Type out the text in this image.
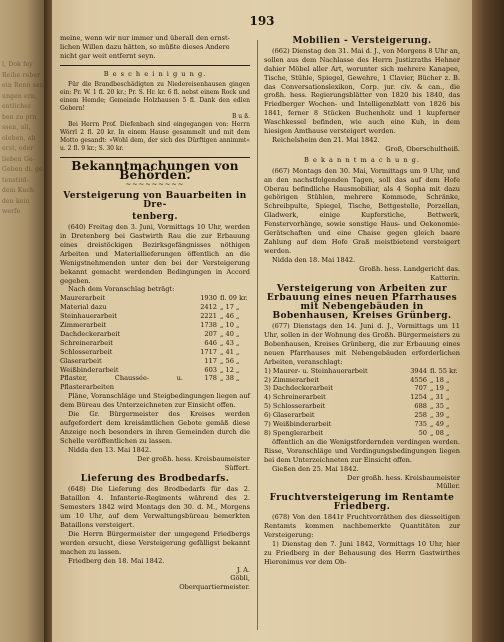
l, Dok fey
Reihe reber
ein Renn sen
ungen ern,
entlicher
ben zu prn
ssen, all,
oleben, ab
erst, oder
lieben Ge-
Geben di. ge
tenstiid-
dem Kuch
den kein
werfe
193

meine, wenn wir nur immer und überall den ernst-

lichen Willen dazu hätten, so müßte dieses Andere

nicht gar weit entfernt seyn.

B e s c h e i n i g u n g.

Für die Brandbeschädigten zu Niedereisenhausen gingen ein: Pr. W. 1 fl. 20 kr.; Pr. S. Hr. kr. 6 fl. nebst einem Rock und einem Hemde; Gemeinde Holzhausen 5 fl. Dank den edlen Gebern!

B u ß.

Bei Herrn Prof. Diefenbach sind eingegangen von: Herrn Wörrl 2 fl. 20 kr. In einem Hause gesammelt und mit dem Motto gesandt: »Wohl dem, der sich des Dürftigen annimmt« u. 2 fl. 9 kr.; S. 30 kr.

Bekanntmachungen von Behörden.

~~~~~~~~~

Versteigerung von Bauarbeiten in Dre-

tenberg.

(640) Freitag den 3. Juni, Vormittags 10 Uhr, werden in Dretenberg bei Gastwirth Rau die zur Erbauung eines dreistöckigen Bezirksgefängnisses nöthigen Arbeiten und Materiallieferungen öffentlich an die Wenigstnehmenden unter den bei der Versteigerung bekannt gemacht werdenden Bedingungen in Accord gegeben.

Nach dem Voranschlag beträgt:

Maurerarbeit	1930	fl. 09 kr.
Material dazu	2412	„ 17 „
Steinhauerarbeit	2221	„ 46 „
Zimmerarbeit	1738	„ 10 „
Dachdeckerarbeit	207	„ 40 „
Schreinerarbeit	646	„ 43 „
Schlosserarbeit	1717	„ 41 „
Glaserarbeit	117	„ 56 „
Weißbinderarbeit	603	„ 12 „
Pflaster, Chaussée- u. Pflasterarbeiten	178	„ 38 „

Pläne, Voranschläge und Steigbedingungen liegen auf dem Büreau des Unterzeichneten zur Einsicht offen.

Die Gr. Bürgermeister des Kreises werden aufgefordert dem kreisämtlichen Gebote gemäß diese Anzeige noch besonders in ihren Gemeinden durch die Schelle veröffentlichen zu lassen.

Nidda den 13. Mai 1842.

Der großh. hess. Kreisbaumeister

Süffert.

Lieferung des Brodbedarfs.

(648) Die Lieferung des Brodbedarfs für das 2. Bataillon 4. Infanterie-Regiments während des 2. Semesters 1842 wird Montags den 30. d. M., Morgens um 10 Uhr, auf dem Verwaltungsbüreau bemerkten Bataillons versteigert.

Die Herrn Bürgermeister der umgegend Friedbergs werden ersucht, diese Versteigerung gefälligst bekannt machen zu lassen.

Friedberg den 18. Mai 1842.

J. A.

Göbli,

Oberquartiermeister.

Mobilien - Versteigerung.

(662) Dienstag den 31. Mai d. J., von Morgens 8 Uhr an, sollen aus dem Nachlasse des Herrn Justizraths Hehner dahier Möbel aller Art, worunter sich mehrere Kanapee, Tische, Stühle, Spiegel, Gewehre, 1 Clavier, Bücher z. B. das Conversationslexikon, Corp. jur. civ. & can., die großh. hess. Regierungsblätter von 1820 bis 1840, das Friedberger Wochen- und Intelligenzblatt von 1826 bis 1841, ferner 8 Stücken Buchenholz und 1 kupferner Waschkessel befinden, wie auch eine Kuh, in dem hiesigen Amthause versteigert werden.

Reichelsheim den 21. Mai 1842.

Groß, Oberschultheiß.

B e k a n n t m a c h u n g.

(667) Montags den 30. Mai, Vormittags um 9 Uhr, und an den nachstfolgenden Tagen, soll das auf dem Hofe Oberau befindliche Hausmobiliar, als 4 Sopha mit dazu gehörigen Stühlen, mehrere Kommode, Schränke, Schreibpulte, Spiegel, Tische, Bettgestelle, Porzellan, Gladwerk, einige Kupferstiche, Bettwerk, Fenstervorhänge, sowie sonstige Haus- und Oekonomie-Gerätschaften und eine Chaise gegen gleich baare Zahlung auf dem Hofe Graß meistbietend versteigert werden.

Nidda den 18. Mai 1842.

Großh. hess. Landgericht das.

Katterin.

Versteigerung von Arbeiten zur Erbauung eines neuen Pfarrhauses mit Nebengebäuden in Bobenhausen, Kreises Grünberg.

(677) Dienstags den 14. Juni d. J., Vormittags um 11 Uhr, sollen in der Wohnung des Großh. Bürgermeisters zu Bobenhausen, Kreises Grünberg, die zur Erbauung eines neuen Pfarrhauses mit Nebengebäuden erforderlichen Arbeiten, veranschlagt:

1) Maurer- u. Steinhauerarbeit	3944	fl. 55 kr.
2) Zimmerarbeit	4556	„ 18 „
3) Dachdeckerarbeit	707	„ 19 „
4) Schreinerarbeit	1254	„ 31 „
5) Schlosserarbeit	688	„ 35 „
6) Glaserarbeit	258	„ 39 „
7) Weißbinderarbeit	735	„ 49 „
8) Spenglerarbeit	50	„ 08 „

öffentlich an die Wenigstfordernden verdingen werden. Risse, Voranschläge und Verdingungsbedingungen liegen bei dem Unterzeichneten zur Einsicht offen.

Gießen den 25. Mai 1842.

Der großh. hess. Kreisbaumeister

Müller.

Fruchtversteigerung im Rentamte Friedberg.

(678) Von den 1841r Fruchtvorräthen des diesseitigen Rentamts kommen nachbemerkte Quantitäten zur Versteigerung:

1) Dienstag den 7. Juni 1842, Vormittags 10 Uhr, hier zu Friedberg in der Behausung des Herrn Gastwirthes Hieronimus vor dem Ob-
